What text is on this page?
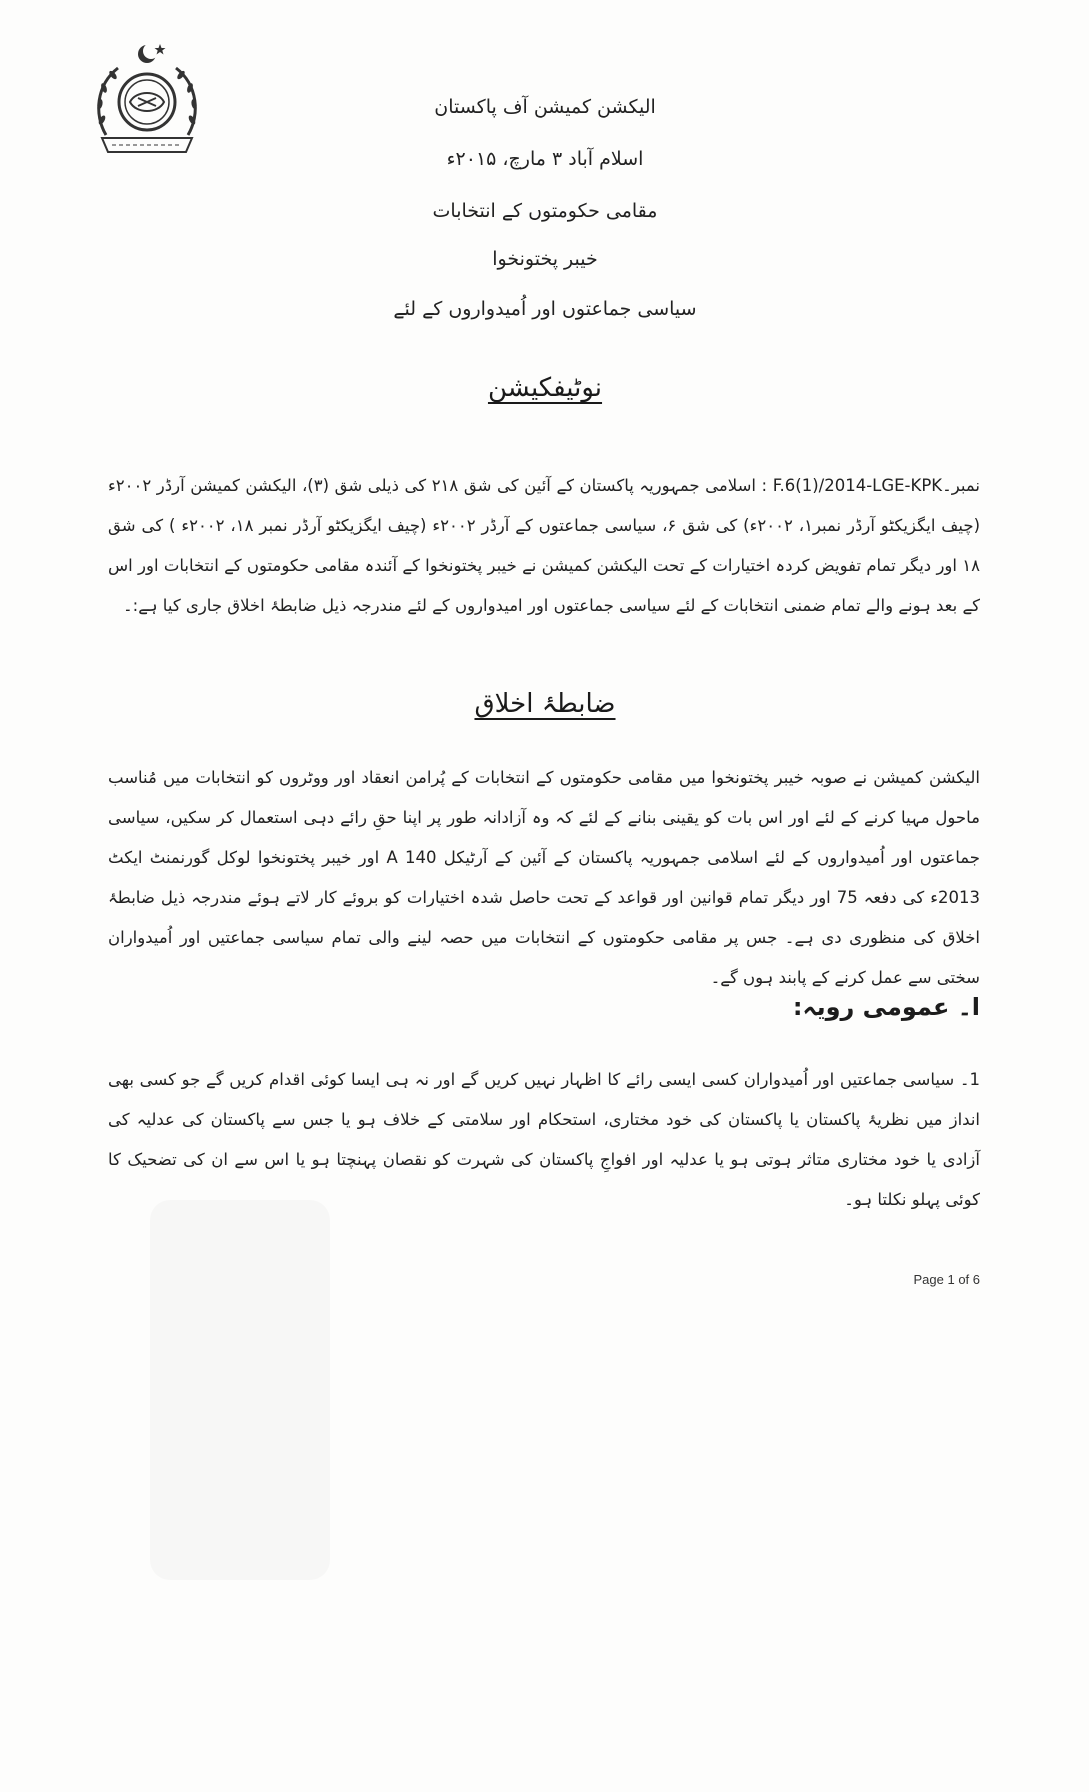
الیکشن کمیشن آف پاکستان
اسلام آباد ۳ مارچ، ۲۰۱۵ء
مقامی حکومتوں کے انتخابات
خیبر پختونخوا
سیاسی جماعتوں اور اُمیدواروں کے لئے
نوٹیفکیشن
نمبر۔F.6(1)/2014-LGE-KPK : اسلامی جمہوریہ پاکستان کے آئین کی شق ۲۱۸ کی ذیلی شق (۳)، الیکشن کمیشن آرڈر ۲۰۰۲ء (چیف ایگزیکٹو آرڈر نمبر۱، ۲۰۰۲ء) کی شق ۶، سیاسی جماعتوں کے آرڈر ۲۰۰۲ء (چیف ایگزیکٹو آرڈر نمبر ۱۸، ۲۰۰۲ء ) کی شق ۱۸ اور دیگر تمام تفویض کردہ اختیارات کے تحت الیکشن کمیشن نے خیبر پختونخوا کے آئندہ مقامی حکومتوں کے انتخابات اور اس کے بعد ہونے والے تمام ضمنی انتخابات کے لئے سیاسی جماعتوں اور امیدواروں کے لئے مندرجہ ذیل ضابطۂ اخلاق جاری کیا ہے:۔
ضابطۂ اخلاق
الیکشن کمیشن نے صوبہ خیبر پختونخوا میں مقامی حکومتوں کے انتخابات کے پُرامن انعقاد اور ووٹروں کو انتخابات میں مُناسب ماحول مہیا کرنے کے لئے اور اس بات کو یقینی بنانے کے لئے کہ وہ آزادانہ طور پر اپنا حقِ رائے دہی استعمال کر سکیں، سیاسی جماعتوں اور اُمیدواروں کے لئے اسلامی جمہوریہ پاکستان کے آئین کے آرٹیکل 140 A اور خیبر پختونخوا لوکل گورنمنٹ ایکٹ 2013ء کی دفعہ 75 اور دیگر تمام قوانین اور قواعد کے تحت حاصل شدہ اختیارات کو بروئے کار لاتے ہوئے مندرجہ ذیل ضابطۂ اخلاق کی منظوری دی ہے۔ جس پر مقامی حکومتوں کے انتخابات میں حصہ لینے والی تمام سیاسی جماعتیں اور اُمیدواران سختی سے عمل کرنے کے پابند ہوں گے۔
ا۔ عمومی رویہ:
1۔ سیاسی جماعتیں اور اُمیدواران کسی ایسی رائے کا اظہار نہیں کریں گے اور نہ ہی ایسا کوئی اقدام کریں گے جو کسی بھی انداز میں نظریۂ پاکستان یا پاکستان کی خود مختاری، استحکام اور سلامتی کے خلاف ہو یا جس سے پاکستان کی عدلیہ کی آزادی یا خود مختاری متاثر ہوتی ہو یا عدلیہ اور افواجِ پاکستان کی شہرت کو نقصان پہنچتا ہو یا اس سے ان کی تضحیک کا کوئی پہلو نکلتا ہو۔
Page 1 of 6
